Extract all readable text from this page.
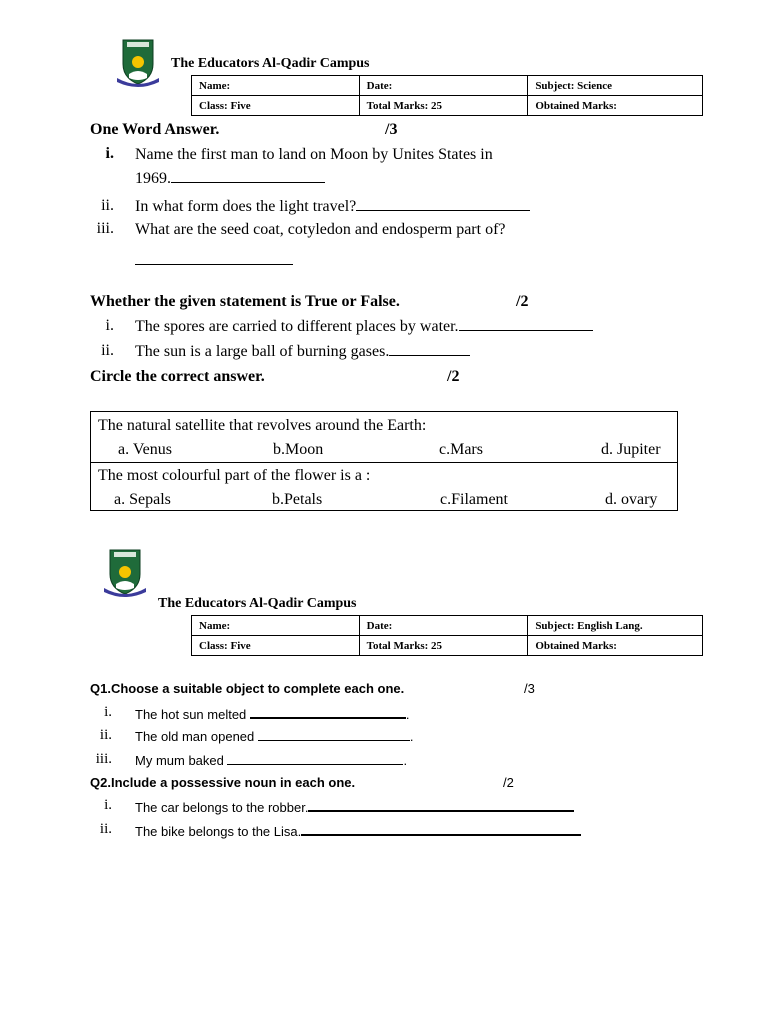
The Educators Al-Qadir Campus
Name:	Date:	Subject: Science
Class: Five	Total Marks: 25	Obtained Marks:
One Word Answer.	/3
i. Name the first man to land on Moon by Unites States in
1969.
ii. In what form does the light travel?
iii. What are the seed coat, cotyledon and endosperm part of?
Whether the given statement is True or False.	/2
i. The spores are carried to different places by water.
ii. The sun is a large ball of burning gases.
Circle the correct answer.	/2
The natural satellite that revolves around the Earth:
a. Venus	b.Moon	c.Mars	d. Jupiter
The most colourful part of the flower is a :
a. Sepals	b.Petals	c.Filament	d. ovary
The Educators Al-Qadir Campus
Name:	Date:	Subject: English Lang.
Class: Five	Total Marks: 25	Obtained Marks:
Q1.Choose a suitable object to complete each one.	/3
i. The hot sun melted	.
ii. The old man opened	.
iii. My mum baked	.
Q2.Include a possessive noun in each one.	/2
i. The car belongs to the robber.
ii. The bike belongs to the Lisa.
